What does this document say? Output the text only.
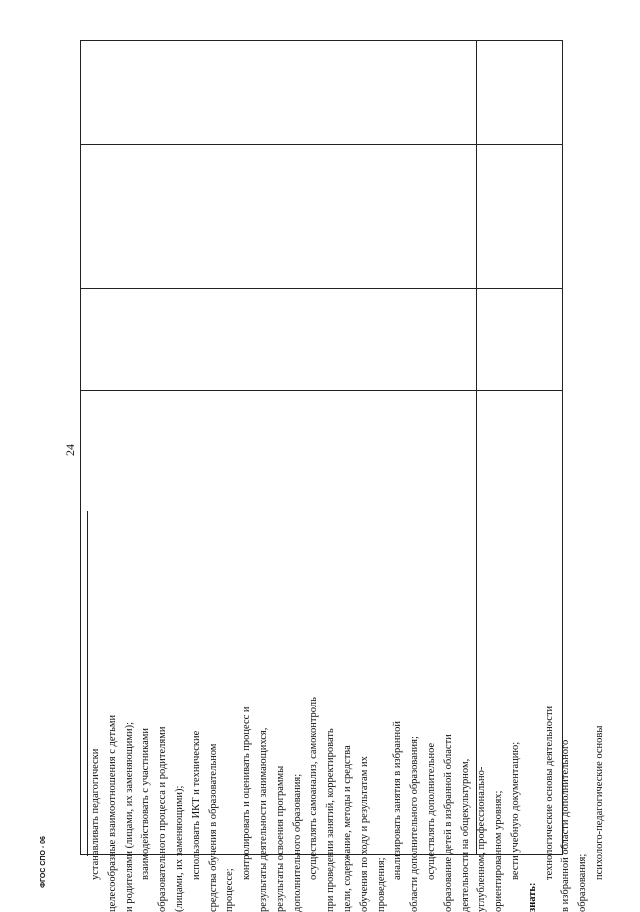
24

устанавливать педагогически целесообразные взаимоотношения с детьми и родителями (лицами, их заменяющими); взаимодействовать с участниками образовательного процесса и родителями (лицами, их заменяющими); использовать ИКТ и технические средства обучения в образовательном процессе;

контролировать и оценивать процесс и результаты деятельности занимающихся, результаты освоения программы дополнительного образования; осуществлять самоанализ, самоконтроль при проведении занятий, корректировать цели, содержание, методы и средства обучения по ходу и результатам их проведения;

анализировать занятия в избранной области дополнительного образования; осуществлять дополнительное образование детей в избранной области деятельности на общекультурном, углубленном, профессионально- ориентированном уровнях; вести учебную документацию;

знать:

технологические основы деятельности в избранной области дополнительного образования;

психолого-педагогические основы

ФГОС СПО - 06
